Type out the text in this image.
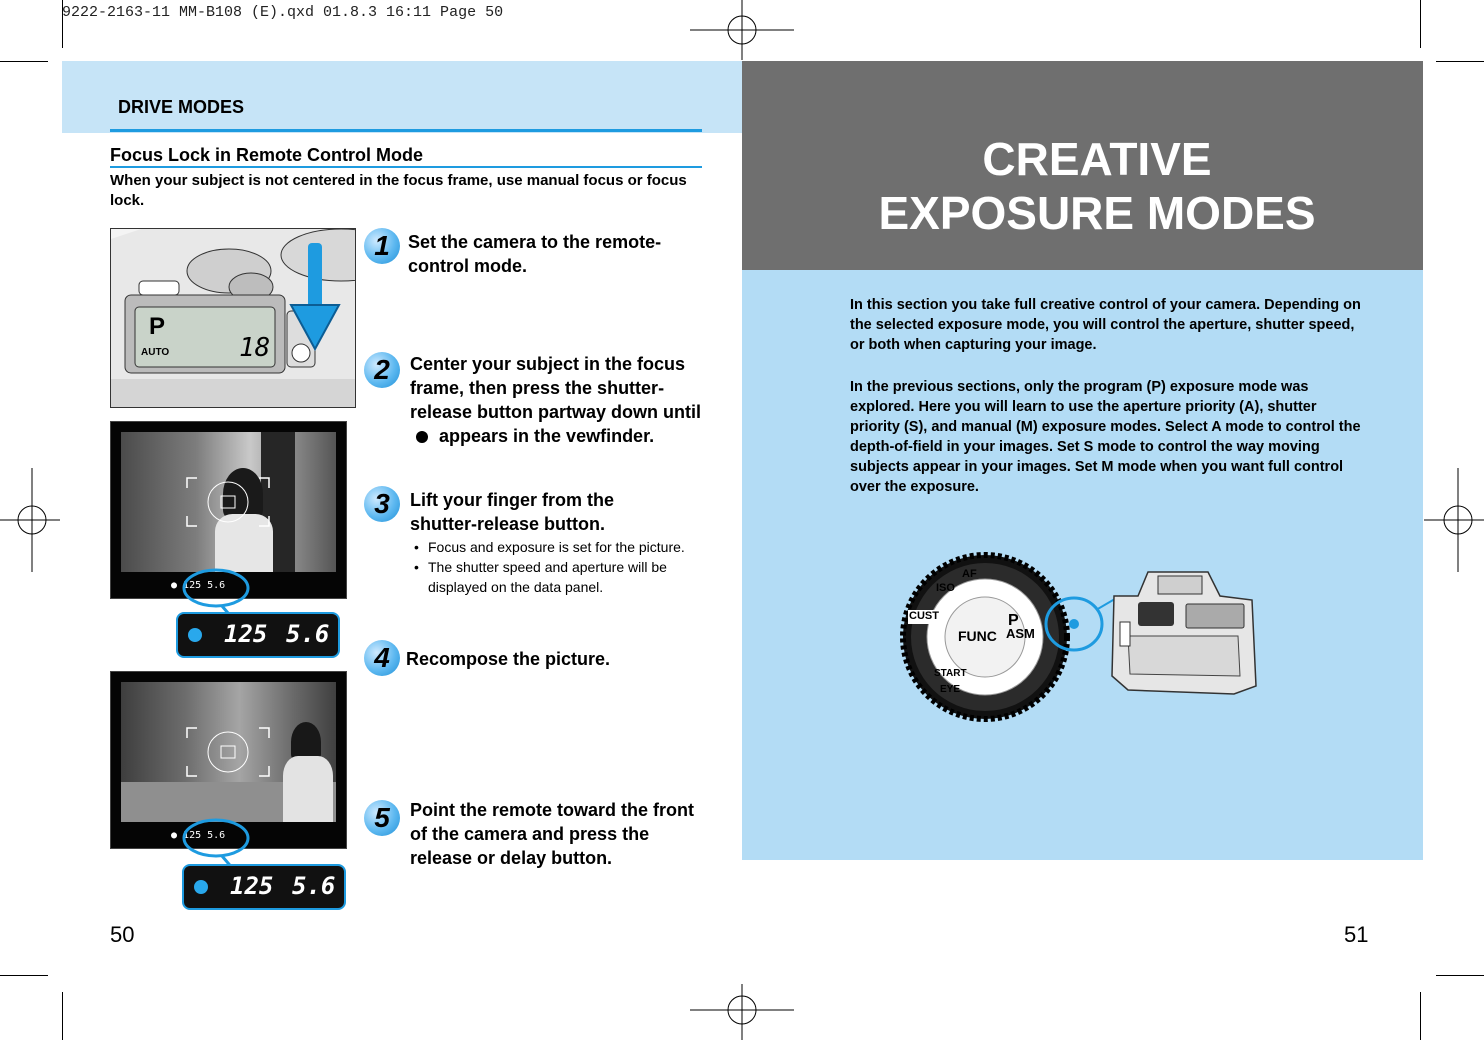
9222-2163-11 MM-B108 (E).qxd 01.8.3 16:11 Page 50
DRIVE MODES
Focus Lock in Remote Control Mode
When your subject is not centered in the focus frame, use manual focus or focus lock.
P
AUTO	18
● 125 5.6
125 5.6
● 125 5.6
125 5.6
1	Set the camera to the remote-control mode.
2	Center your subject in the focus frame, then press the shutter-release button partway down until  appears in the vewfinder.
3	Lift your finger from the shutter-release button.
• Focus and exposure is set for the picture.
• The shutter speed and aperture will be displayed on the data panel.
4 Recompose the picture.
5	Point the remote toward the front of the camera and press the release or delay button.
50
CREATIVE
EXPOSURE MODES
In this section you take full creative control of your camera. Depending on the selected exposure mode, you will control the aperture, shutter speed, or both when capturing your image.
In the previous sections, only the program (P) exposure mode was explored. Here you will learn to use the aperture priority (A), shutter priority (S), and manual (M) exposure modes. Select A mode to control the depth-of-field in your images. Set S mode to control the way moving subjects appear in your images. Set M mode when you want full control over the exposure.
FUNC
P
ASM
CUST
ISO
AF
START
EYE
51
